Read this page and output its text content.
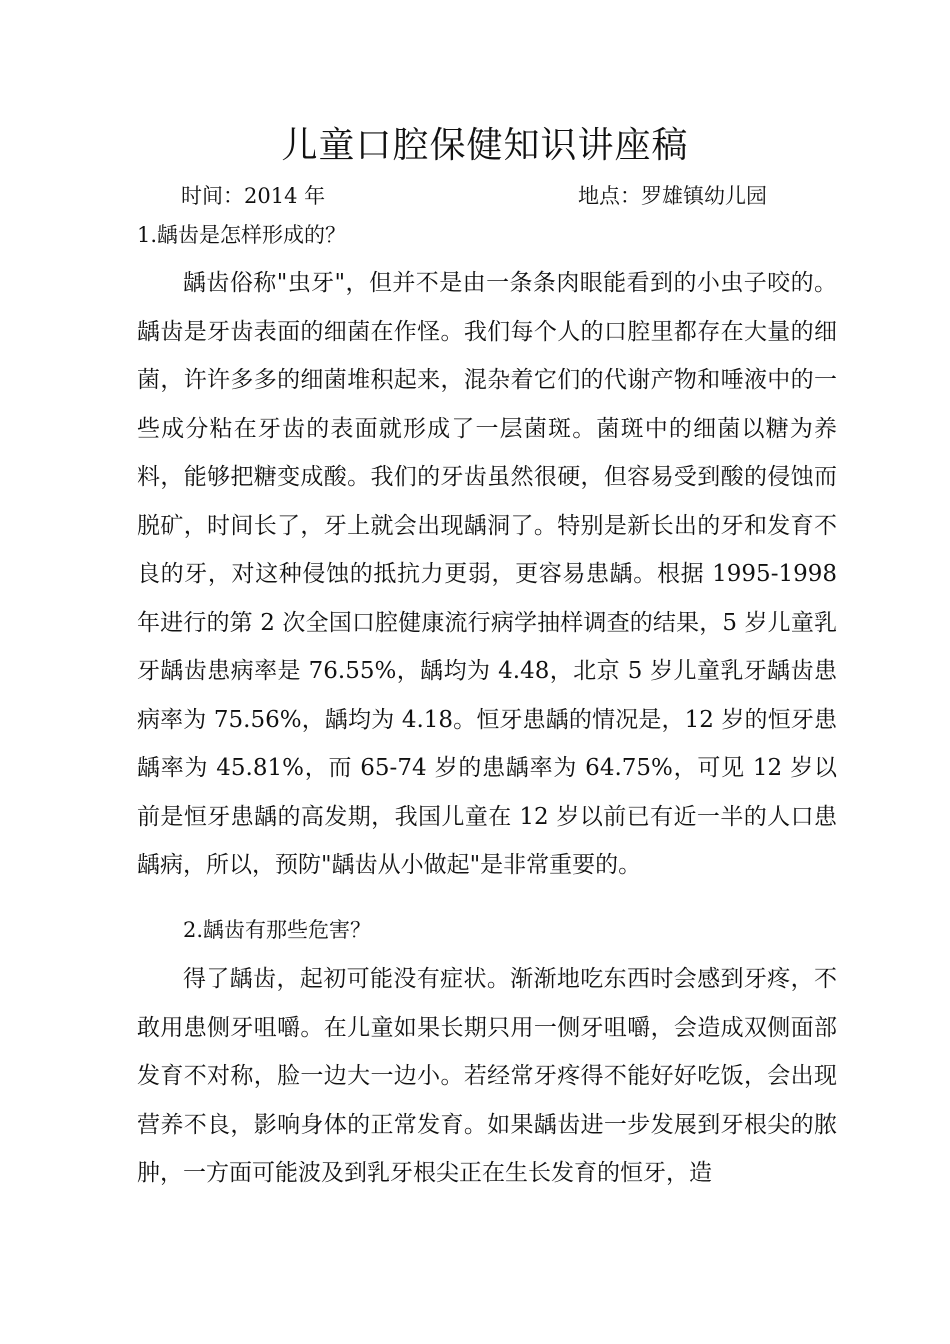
儿童口腔保健知识讲座稿
时间：2014 年	地点：罗雄镇幼儿园
1.龋齿是怎样形成的？

龋齿俗称"虫牙"，但并不是由一条条肉眼能看到的小虫子咬的。龋齿是牙齿表面的细菌在作怪。我们每个人的口腔里都存在大量的细菌，许许多多的细菌堆积起来，混杂着它们的代谢产物和唾液中的一些成分粘在牙齿的表面就形成了一层菌斑。菌斑中的细菌以糖为养料，能够把糖变成酸。我们的牙齿虽然很硬，但容易受到酸的侵蚀而脱矿，时间长了，牙上就会出现龋洞了。特别是新长出的牙和发育不良的牙，对这种侵蚀的抵抗力更弱，更容易患龋。根据 1995-1998 年进行的第 2 次全国口腔健康流行病学抽样调查的结果，5 岁儿童乳牙龋齿患病率是 76.55%，龋均为 4.48，北京 5 岁儿童乳牙龋齿患病率为 75.56%，龋均为 4.18。恒牙患龋的情况是，12 岁的恒牙患龋率为 45.81%，而 65-74 岁的患龋率为 64.75%，可见 12 岁以前是恒牙患龋的高发期，我国儿童在 12 岁以前已有近一半的人口患龋病，所以，预防"龋齿从小做起"是非常重要的。

2.龋齿有那些危害？

得了龋齿，起初可能没有症状。渐渐地吃东西时会感到牙疼，不敢用患侧牙咀嚼。在儿童如果长期只用一侧牙咀嚼，会造成双侧面部发育不对称，脸一边大一边小。若经常牙疼得不能好好吃饭，会出现营养不良，影响身体的正常发育。如果龋齿进一步发展到牙根尖的脓肿，一方面可能波及到乳牙根尖正在生长发育的恒牙，造
